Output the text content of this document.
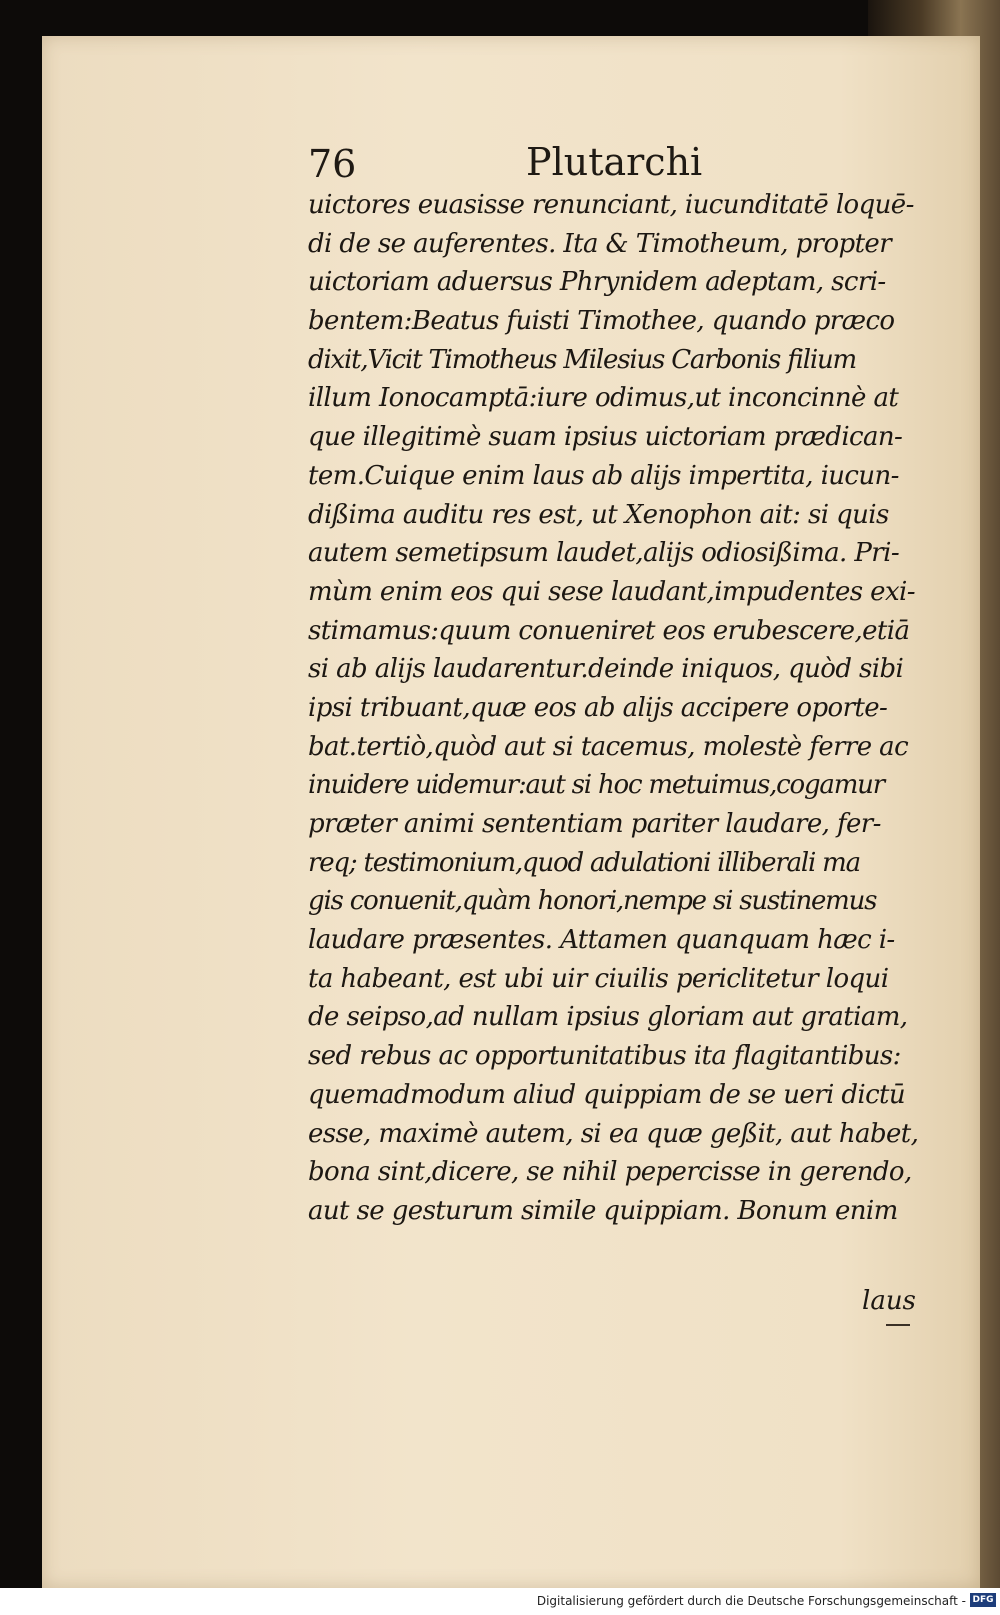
76	Plutarchi
uictores euasisse renunciant, iucunditatē loquē-
di de se auferentes. Ita & Timotheum, propter
uictoriam aduersus Phrynidem adeptam, scri-
bentem:Beatus fuisti Timothee, quando præco
dixit,Vicit Timotheus Milesius Carbonis filium
illum Ionocamptā:iure odimus,ut inconcinnè at
que illegitimè suam ipsius uictoriam prædican-
tem.Cuique enim laus ab alijs impertita, iucun-
dißima auditu res est, ut Xenophon ait: si quis
autem semetipsum laudet,alijs odiosißima. Pri-
mùm enim eos qui sese laudant,impudentes exi-
stimamus:quum conueniret eos erubescere,etiā
si ab alijs laudarentur.deinde iniquos, quòd sibi
ipsi tribuant,quæ eos ab alijs accipere oporte-
bat.tertiò,quòd aut si tacemus, molestè ferre ac
inuidere uidemur:aut si hoc metuimus,cogamur
præter animi sententiam pariter laudare, fer-
req; testimonium,quod adulationi illiberali ma
gis conuenit,quàm honori,nempe si sustinemus
laudare præsentes. Attamen quanquam hæc i-
ta habeant, est ubi uir ciuilis periclitetur loqui
de seipso,ad nullam ipsius gloriam aut gratiam,
sed rebus ac opportunitatibus ita flagitantibus:
quemadmodum aliud quippiam de se ueri dictū
esse, maximè autem, si ea quæ geßit, aut habet,
bona sint,dicere, se nihil pepercisse in gerendo,
aut se gesturum simile quippiam. Bonum enim
laus
Digitalisierung gefördert durch die Deutsche Forschungsgemeinschaft - DFG
